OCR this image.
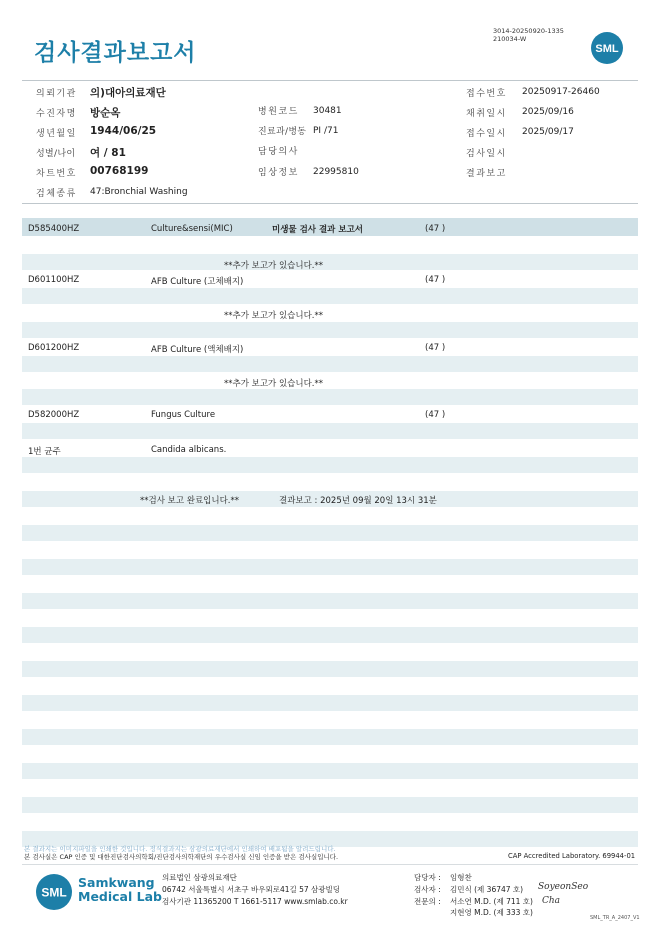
검사결과보고서
3014-20250920-1335
210034-W
SML
의뢰기관 의)대아의료재단
수진자명 방순옥
생년월일 1944/06/25
성별/나이 여 / 81
차트번호 00768199
검체종류 47:Bronchial Washing
병원코드 30481
진료과/병동 PI /71
담당의사
임상정보 22995810
접수번호 20250917-26460
채취일시 2025/09/16
접수일시 2025/09/17
검사일시
결과보고
D585400HZ	Culture&sensi(MIC)	미생물 검사 결과 보고서	(47 )
**추가 보고가 있습니다.**
D601100HZ	AFB Culture (고체배지)	(47 )
**추가 보고가 있습니다.**
D601200HZ	AFB Culture (액체배지)	(47 )
**추가 보고가 있습니다.**
D582000HZ	Fungus Culture	(47 )
1번 균주	Candida albicans.
**검사 보고 완료입니다.**	결과보고 : 2025년 09월 20일 13시 31분
본 결과지는 이미지파일을 인쇄한 것입니다. 정식결과지는 삼광의료재단에서 인쇄하여 배포됨을 알려드립니다.
본 검사실은 CAP 인증 및 대한진단검사의학회/진단검사의학재단의 우수검사실 신임 인증을 받은 검사실입니다.	CAP Accredited Laboratory. 69944-01
SML
Samkwang
Medical Lab
의료법인 삼광의료재단
06742 서울특별시 서초구 바우뫼로41길 57 삼광빌딩
검사기관 11365200 T 1661-5117 www.smlab.co.kr
담당자 : 임형찬
검사자 : 김민식 (제 36747 호)
전문의 : 서소연 M.D. (제 711 호)
지현영 M.D. (제 333 호)
SoyeonSeo
Cha
SML_TR_A_2407_V1
